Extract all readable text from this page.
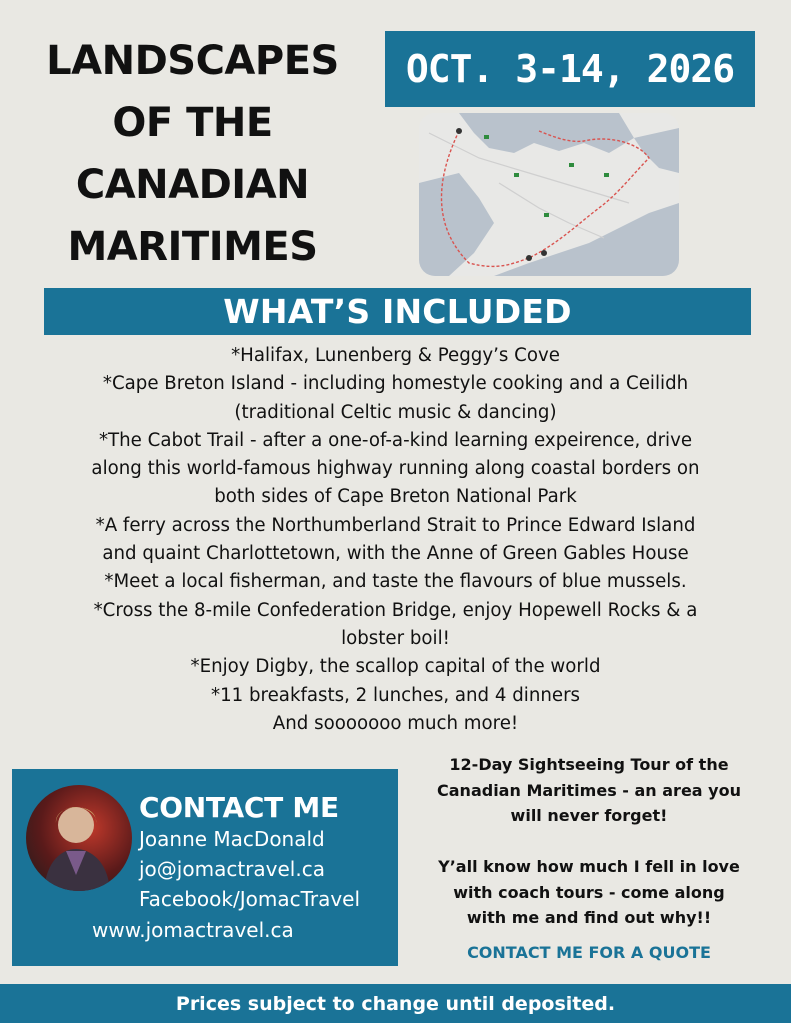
LANDSCAPES
OF THE
CANADIAN
MARITIMES
OCT. 3-14, 2026
WHAT’S INCLUDED
*Halifax, Lunenberg & Peggy’s Cove
*Cape Breton Island - including homestyle cooking and a Ceilidh
(traditional Celtic music & dancing)
*The Cabot Trail - after a one-of-a-kind learning expeirence, drive
along this world-famous highway running along coastal borders on
both sides of Cape Breton National Park
*A ferry across the Northumberland Strait to Prince Edward Island
and quaint Charlottetown, with the Anne of Green Gables House
*Meet a local fisherman, and taste the flavours of blue mussels.
*Cross the 8-mile Confederation Bridge, enjoy Hopewell Rocks & a
lobster boil!
*Enjoy Digby, the scallop capital of the world
*11 breakfasts, 2 lunches, and 4 dinners
And sooooooo much more!
CONTACT ME
Joanne MacDonald
jo@jomactravel.ca
Facebook/JomacTravel
www.jomactravel.ca
12-Day Sightseeing Tour of the
Canadian Maritimes - an area you
will never forget!
Y’all know how much I fell in love
with coach tours - come along
with me and find out why!!
CONTACT ME FOR A QUOTE
Prices subject to change until deposited.
